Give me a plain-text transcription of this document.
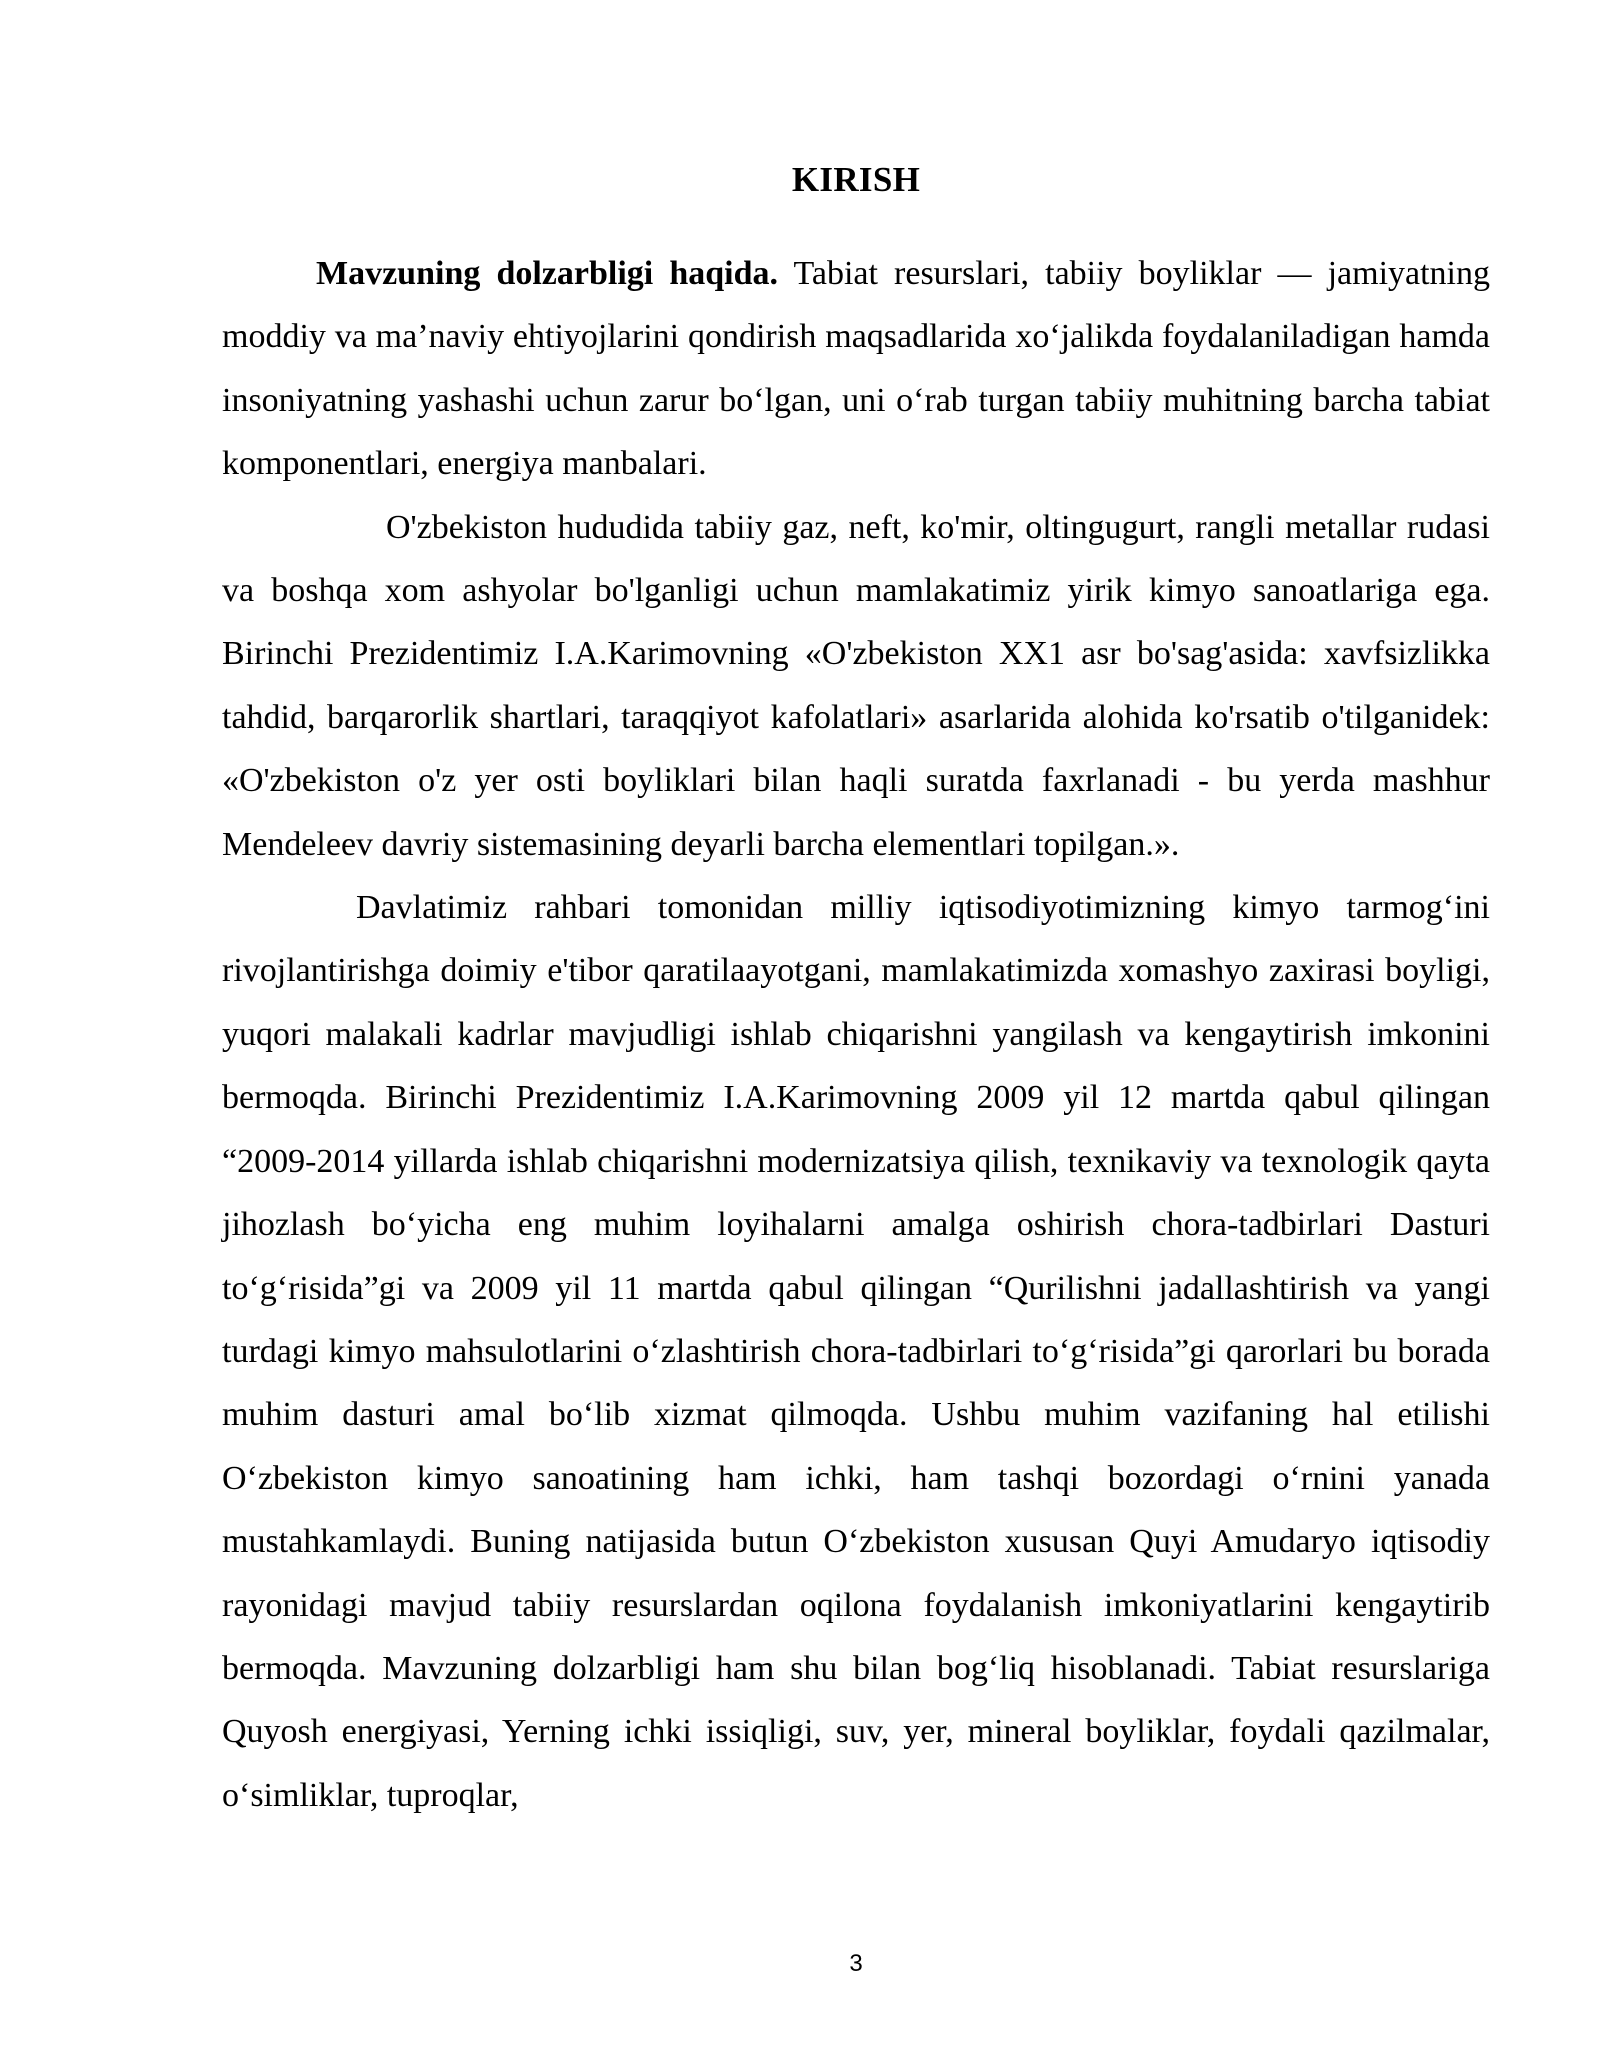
KIRISH

Mavzuning dolzarbligi haqida. Tabiat resurslari, tabiiy boyliklar — jamiyatning moddiy va ma’naviy ehtiyojlarini qondirish maqsadlarida xo‘jalikda foydalaniladigan hamda insoniyatning yashashi uchun zarur bo‘lgan, uni o‘rab turgan tabiiy muhitning barcha tabiat komponentlari, energiya manbalari.

O'zbekiston hududida tabiiy gaz, neft, ko'mir, oltingugurt, rangli metallar rudasi va boshqa xom ashyolar bo'lganligi uchun mamlakatimiz yirik kimyo sanoatlariga ega. Birinchi Prezidentimiz I.A.Karimovning «O'zbekiston XX1 asr bo'sag'asida: xavfsizlikka tahdid, barqarorlik shartlari, taraqqiyot kafolatlari» asarlarida alohida ko'rsatib o'tilganidek: «O'zbekiston o'z yer osti boyliklari bilan haqli suratda faxrlanadi - bu yerda mashhur Mendeleev davriy sistemasining deyarli barcha elementlari topilgan.».

Davlatimiz rahbari tomonidan milliy iqtisodiyotimizning kimyo tarmog‘ini rivojlantirishga doimiy e'tibor qaratilaayotgani, mamlakatimizda xomashyo zaxirasi boyligi, yuqori malakali kadrlar mavjudligi ishlab chiqarishni yangilash va kengaytirish imkonini bermoqda. Birinchi Prezidentimiz I.A.Karimovning 2009 yil 12 martda qabul qilingan “2009-2014 yillarda ishlab chiqarishni modernizatsiya qilish, texnikaviy va texnologik qayta jihozlash bo‘yicha eng muhim loyihalarni amalga oshirish chora-tadbirlari Dasturi to‘g‘risida”gi va 2009 yil 11 martda qabul qilingan “Qurilishni jadallashtirish va yangi turdagi kimyo mahsulotlarini o‘zlashtirish chora-tadbirlari to‘g‘risida”gi qarorlari bu borada muhim dasturi amal bo‘lib xizmat qilmoqda. Ushbu muhim vazifaning hal etilishi O‘zbekiston kimyo sanoatining ham ichki, ham tashqi bozordagi o‘rnini yanada mustahkamlaydi. Buning natijasida butun O‘zbekiston xususan Quyi Amudaryo iqtisodiy rayonidagi mavjud tabiiy resurslardan oqilona foydalanish imkoniyatlarini kengaytirib bermoqda. Mavzuning dolzarbligi ham shu bilan bog‘liq hisoblanadi. Tabiat resurslariga Quyosh energiyasi, Yerning ichki issiqligi, suv, yer, mineral boyliklar, foydali qazilmalar, o‘simliklar, tuproqlar,

3
